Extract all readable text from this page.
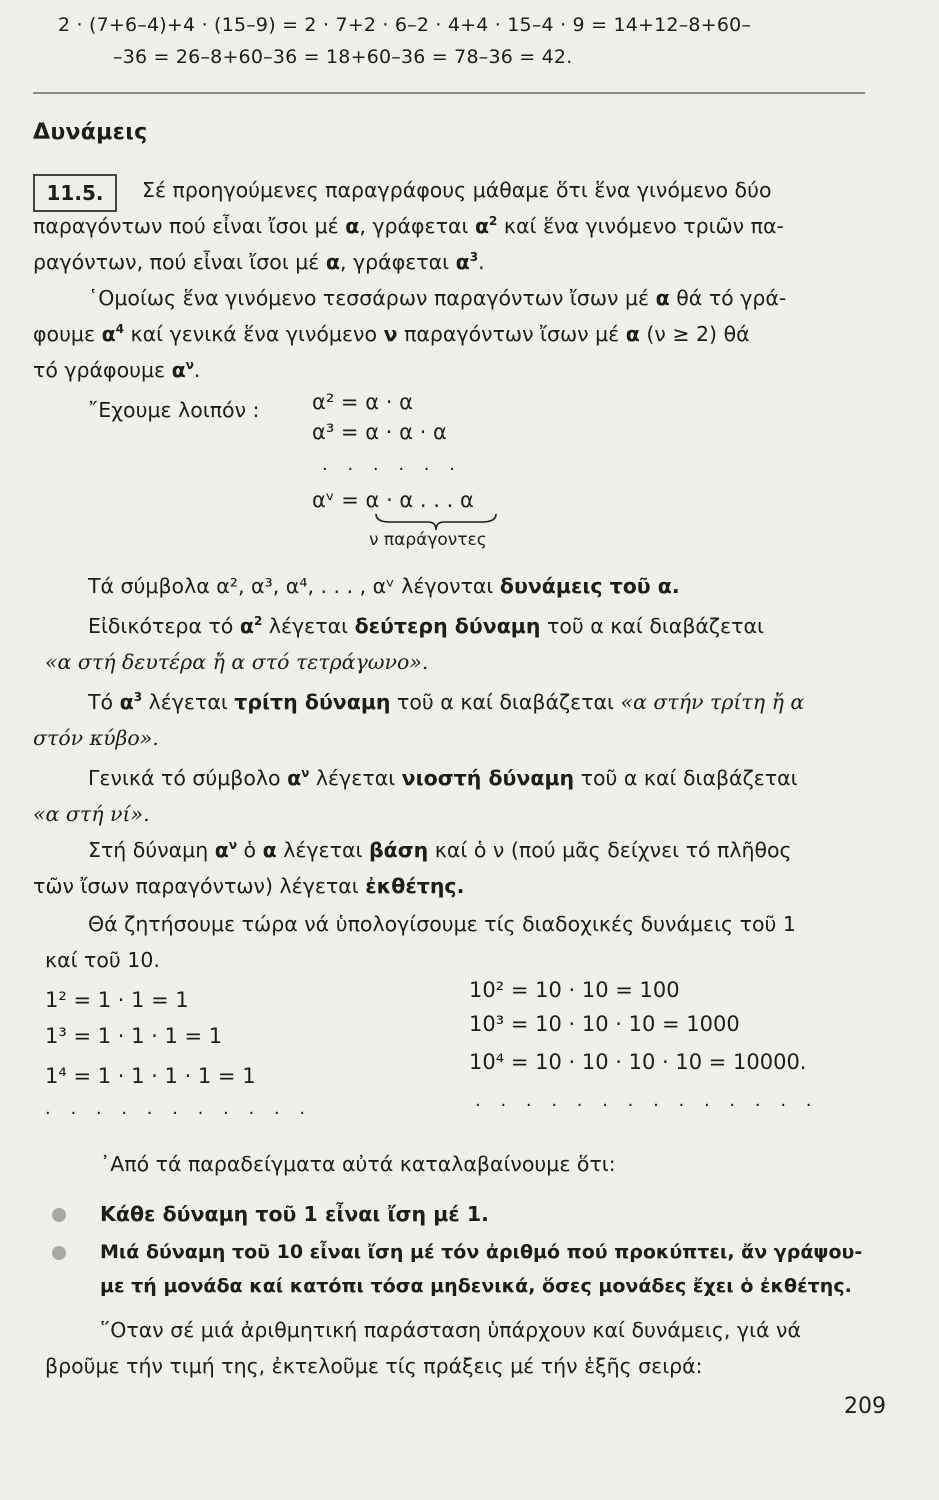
2 · (7+6–4)+4 · (15–9) = 2 · 7+2 · 6–2 · 4+4 · 15–4 · 9 = 14+12–8+60–
–36 = 26–8+60–36 = 18+60–36 = 78–36 = 42.
Δυνάμεις
11.5. Σέ προηγούμενες παραγράφους μάθαμε ὅτι ἕνα γινόμενο δύο
παραγόντων πού εἶναι ἴσοι μέ α, γράφεται $\alpha^2$ καί ἕνα γινόμενο τριῶν πα-
ραγόντων, πού εἶναι ἴσοι μέ α, γράφεται $\alpha^3$.
῾Ομοίως ἕνα γινόμενο τεσσάρων παραγόντων ἴσων μέ α θά τό γρά-
φουμε $\alpha^4$ καί γενικά ἕνα γινόμενο ν παραγόντων ἴσων μέ α (ν ≥ 2) θά
τό γράφουμε $\alpha^\nu$.
῎Εχουμε λοιπόν :	α² = α · α
α³ = α · α · α
. . . . . .
αᵛ = α · α . . . α
ν παράγοντες
Τά σύμβολα α², α³, α⁴, . . . , αᵛ λέγονται δυνάμεις τοῦ α.
Εἰδικότερα τό $\alpha^2$ λέγεται δεύτερη δύναμη τοῦ α καί διαβάζεται
«α στή δευτέρα ἤ α στό τετράγωνο».
Τό $\alpha^3$ λέγεται τρίτη δύναμη τοῦ α καί διαβάζεται «α στήν τρίτη ἤ α
στόν κύβο».
Γενικά τό σύμβολο $\alpha^\nu$ λέγεται νιοστή δύναμη τοῦ α καί διαβάζεται
«α στή νί».
Στή δύναμη $\alpha^\nu$ ὁ α λέγεται βάση καί ὁ ν (πού μᾶς δείχνει τό πλῆθος
τῶν ἴσων παραγόντων) λέγεται ἐκθέτης.
Θά ζητήσουμε τώρα νά ὑπολογίσουμε τίς διαδοχικές δυνάμεις τοῦ 1
καί τοῦ 10.
1² = 1 · 1 = 1
1³ = 1 · 1 · 1 = 1
1⁴ = 1 · 1 · 1 · 1 = 1
. . . . . . . . . . .
10² = 10 · 10 = 100
10³ = 10 · 10 · 10 = 1000
10⁴ = 10 · 10 · 10 · 10 = 10000.
. . . . . . . . . . . . . .
᾿Από τά παραδείγματα αὐτά καταλαβαίνουμε ὅτι:
Κάθε δύναμη τοῦ 1 εἶναι ἴση μέ 1.
Μιά δύναμη τοῦ 10 εἶναι ἴση μέ τόν ἀριθμό πού προκύπτει, ἄν γράψου-
με τή μονάδα καί κατόπι τόσα μηδενικά, ὅσες μονάδες ἔχει ὁ ἐκθέτης.
῞Οταν σέ μιά ἀριθμητική παράσταση ὑπάρχουν καί δυνάμεις, γιά νά
βροῦμε τήν τιμή της, ἐκτελοῦμε τίς πράξεις μέ τήν ἑξῆς σειρά:
209
